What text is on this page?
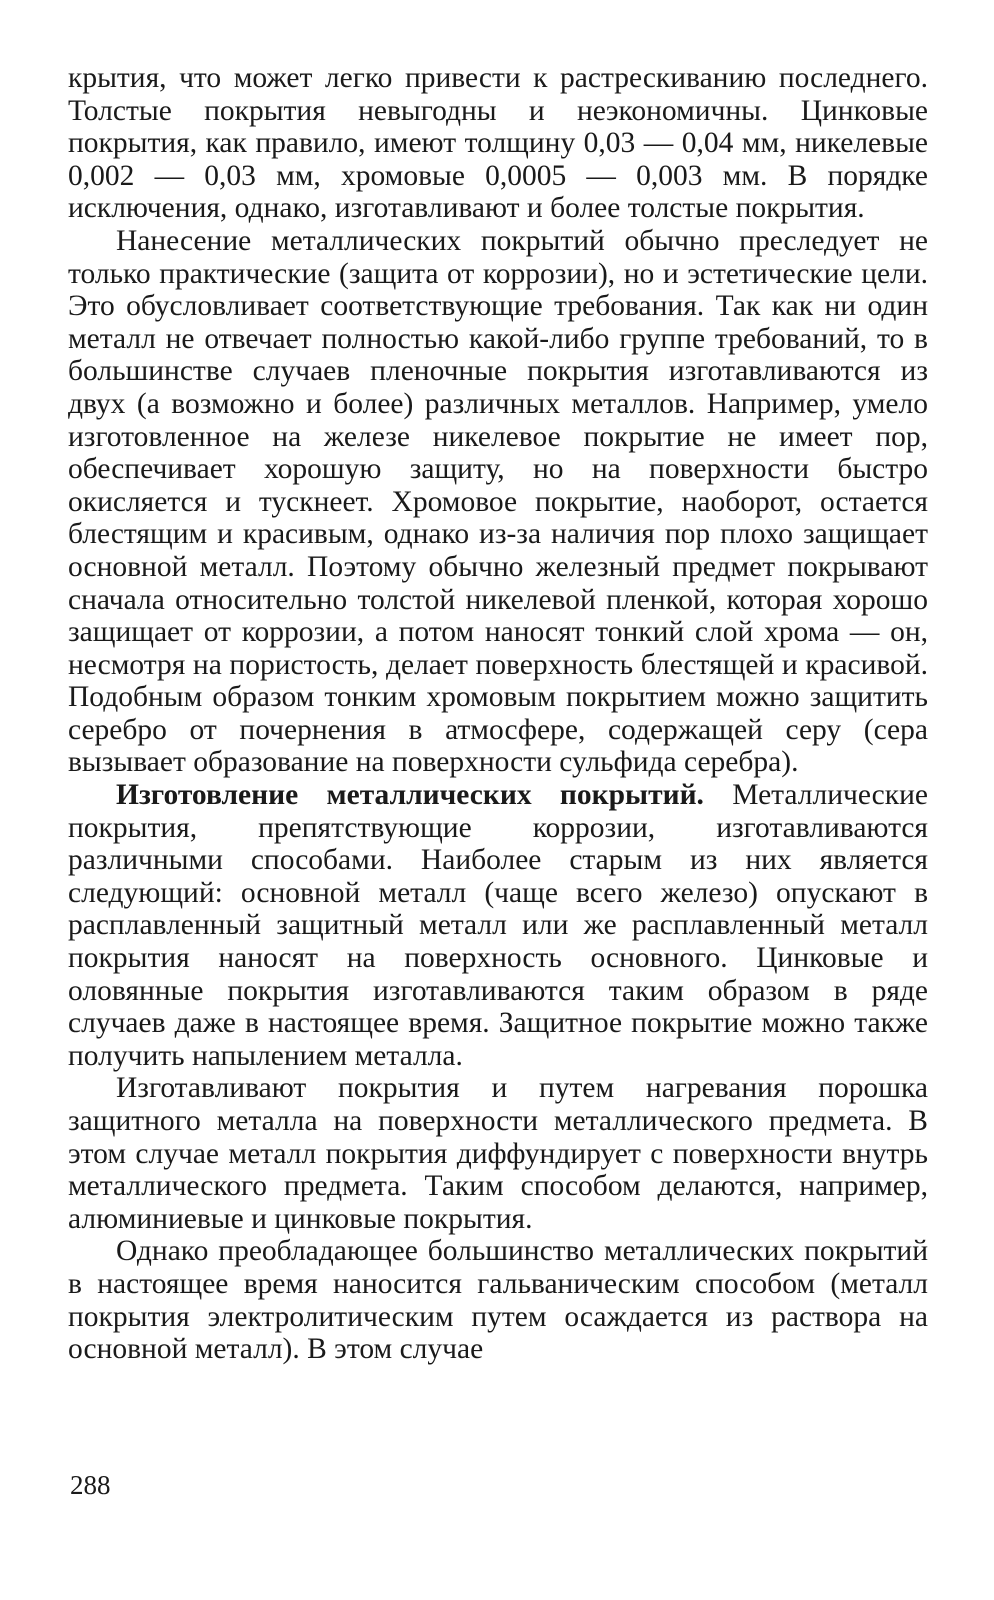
крытия, что может легко привести к растрескиванию последнего. Толстые покрытия невыгодны и неэкономичны. Цинковые покрытия, как правило, имеют толщину 0,03 — 0,04 мм, никелевые 0,002 — 0,03 мм, хромовые 0,0005 — 0,003 мм. В порядке исключения, однако, изготавливают и более толстые покрытия.

Нанесение металлических покрытий обычно преследует не только практические (защита от коррозии), но и эстетические цели. Это обусловливает соответствующие требования. Так как ни один металл не отвечает полностью какой-либо группе требований, то в большинстве случаев пленочные покрытия изготавливаются из двух (а возможно и более) различных металлов. Например, умело изготовленное на железе никелевое покрытие не имеет пор, обеспечивает хорошую защиту, но на поверхности быстро окисляется и тускнеет. Хромовое покрытие, наоборот, остается блестящим и красивым, однако из-за наличия пор плохо защищает основной металл. Поэтому обычно железный предмет покрывают сначала относительно толстой никелевой пленкой, которая хорошо защищает от коррозии, а потом наносят тонкий слой хрома — он, несмотря на пористость, делает поверхность блестящей и красивой. Подобным образом тонким хромовым покрытием можно защитить серебро от почернения в атмосфере, содержащей серу (сера вызывает образование на поверхности сульфида серебра).

Изготовление металлических покрытий. Металлические покрытия, препятствующие коррозии, изготавливаются различными способами. Наиболее старым из них является следующий: основной металл (чаще всего железо) опускают в расплавленный защитный металл или же расплавленный металл покрытия наносят на поверхность основного. Цинковые и оловянные покрытия изготавливаются таким образом в ряде случаев даже в настоящее время. Защитное покрытие можно также получить напылением металла.

Изготавливают покрытия и путем нагревания порошка защитного металла на поверхности металлического предмета. В этом случае металл покрытия диффундирует с поверхности внутрь металлического предмета. Таким способом делаются, например, алюминиевые и цинковые покрытия.

Однако преобладающее большинство металлических покрытий в настоящее время наносится гальваническим способом (металл покрытия электролитическим путем осаждается из раствора на основной металл). В этом случае

288
